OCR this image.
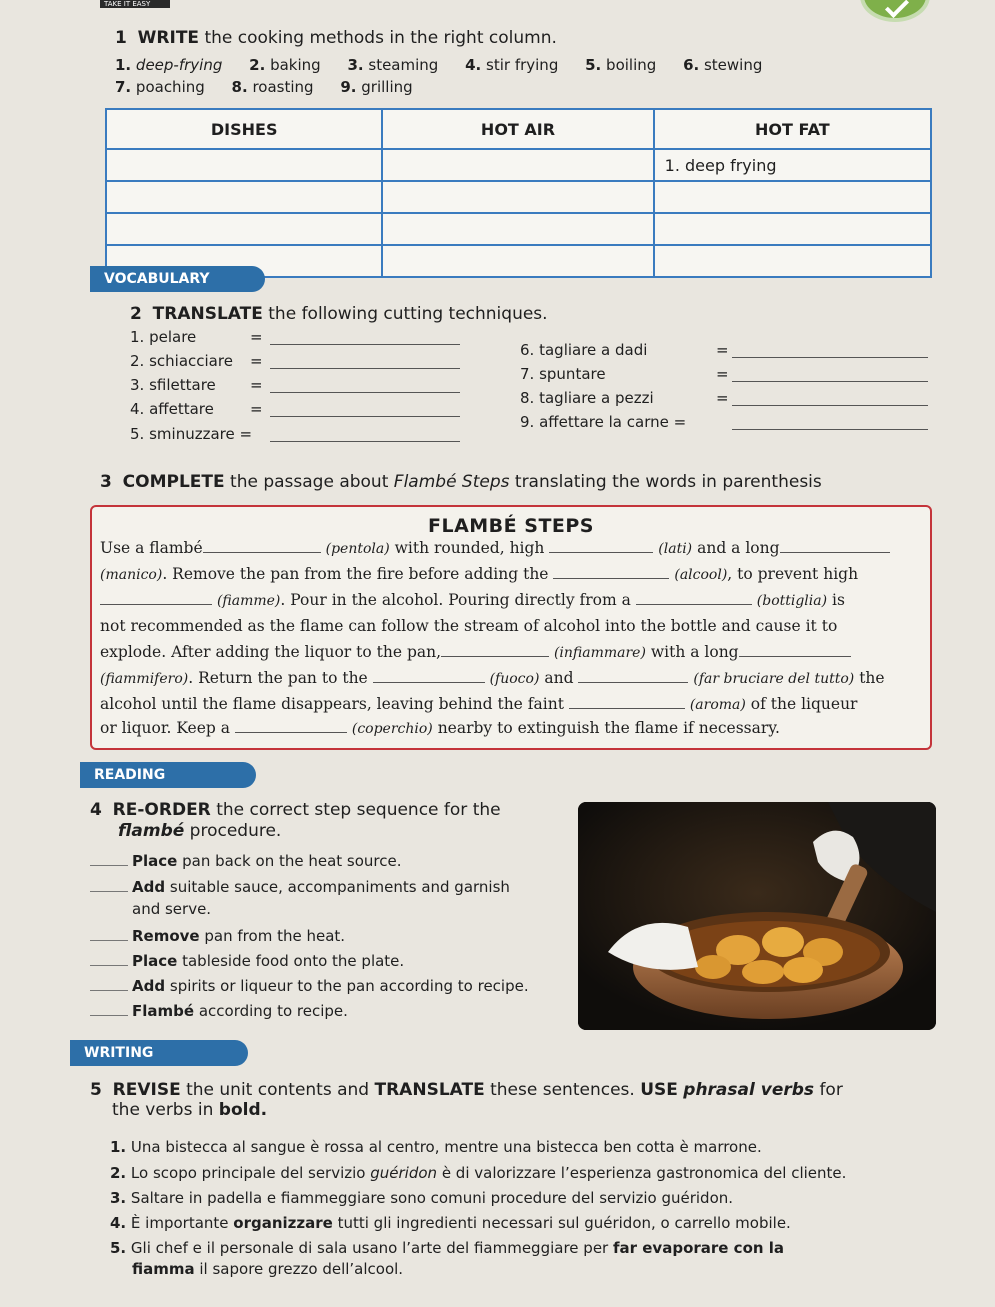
TAKE IT EASY
1 WRITE the cooking methods in the right column.
1. deep-frying 2. baking 3. steaming 4. stir frying 5. boiling 6. stewing
7. poaching 8. roasting 9. grilling
DISHES	HOT AIR	HOT FAT
		1. deep frying

VOCABULARY
2 TRANSLATE the following cutting techniques.
1. pelare	=
2. schiacciare =
3. sfilettare =
4. affettare =
5. sminuzzare =
6. tagliare a dadi	=
7. spuntare	=
8. tagliare a pezzi	=
9. affettare la carne =
3 COMPLETE the passage about Flambé Steps translating the words in parenthesis
FLAMBÉ STEPS
Use a flambé	(pentola) with rounded, high	(lati) and a long
(manico). Remove the pan from the fire before adding the	(alcool), to prevent high
(fiamme). Pour in the alcohol. Pouring directly from a	(bottiglia) is
not recommended as the flame can follow the stream of alcohol into the bottle and cause it to
explode. After adding the liquor to the pan,	(infiammare) with a long
(fiammifero). Return the pan to the	(fuoco) and	(far bruciare del tutto) the
alcohol until the flame disappears, leaving behind the faint	(aroma) of the liqueur
or liquor. Keep a	(coperchio) nearby to extinguish the flame if necessary.
READING
4 RE-ORDER the correct step sequence for the
flambé procedure.
Place pan back on the heat source.
Add suitable sauce, accompaniments and garnish
and serve.
Remove pan from the heat.
Place tableside food onto the plate.
Add spirits or liqueur to the pan according to recipe.
Flambé according to recipe.
WRITING
5 REVISE the unit contents and TRANSLATE these sentences. USE phrasal verbs for
the verbs in bold.
1. Una bistecca al sangue è rossa al centro, mentre una bistecca ben cotta è marrone.
2. Lo scopo principale del servizio guéridon è di valorizzare l’esperienza gastronomica del cliente.
3. Saltare in padella e fiammeggiare sono comuni procedure del servizio guéridon.
4. È importante organizzare tutti gli ingredienti necessari sul guéridon, o carrello mobile.
5. Gli chef e il personale di sala usano l’arte del fiammeggiare per far evaporare con la
fiamma il sapore grezzo dell’alcool.
